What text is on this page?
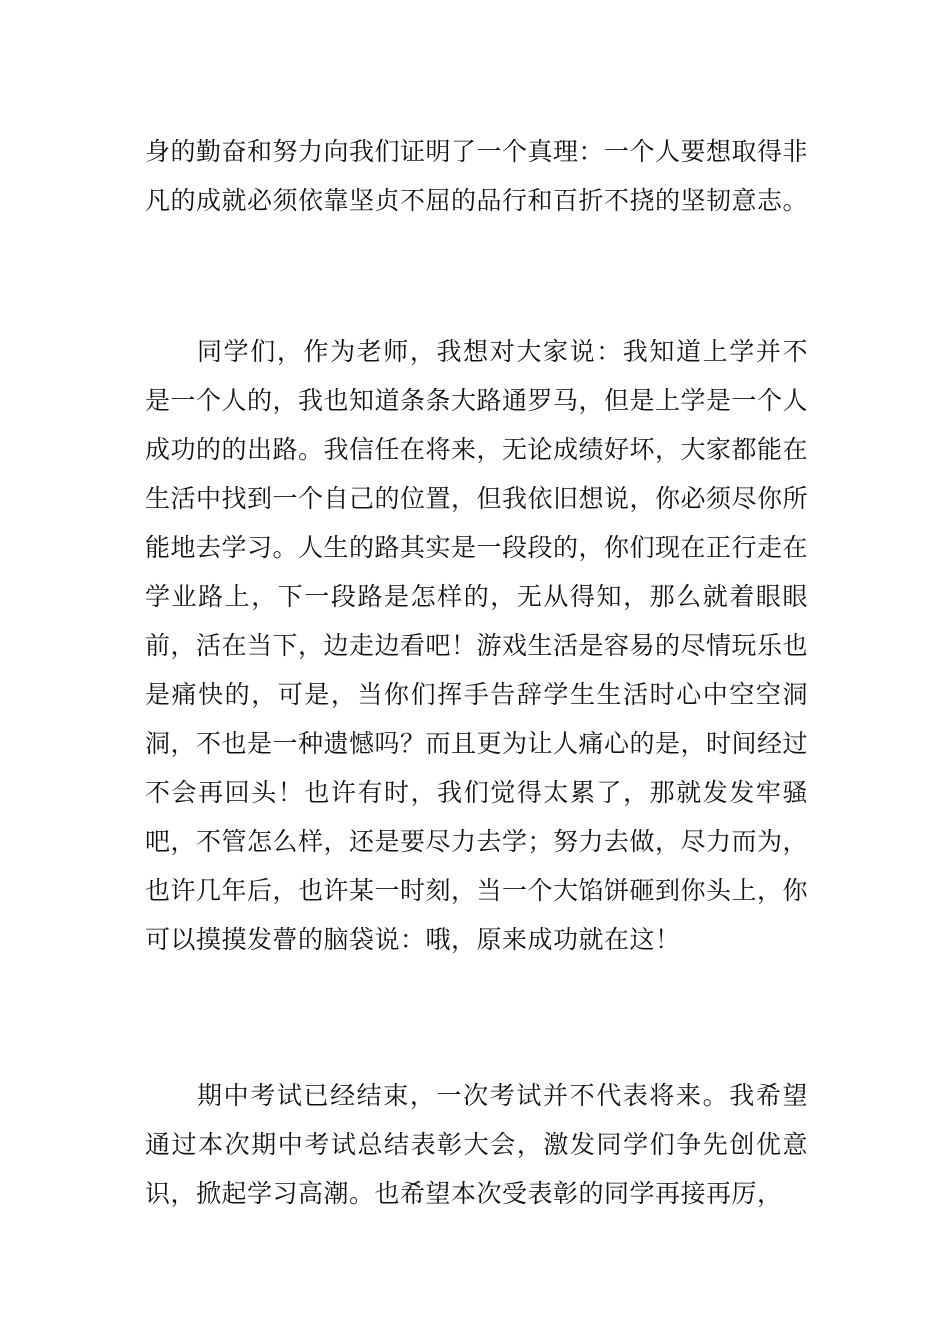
身的勤奋和努力向我们证明了一个真理：一个人要想取得非凡的成就必须依靠坚贞不屈的品行和百折不挠的坚韧意志。

同学们，作为老师，我想对大家说：我知道上学并不是一个人的，我也知道条条大路通罗马，但是上学是一个人成功的的出路。我信任在将来，无论成绩好坏，大家都能在生活中找到一个自己的位置，但我依旧想说，你必须尽你所能地去学习。人生的路其实是一段段的，你们现在正行走在学业路上，下一段路是怎样的，无从得知，那么就着眼眼前，活在当下，边走边看吧！游戏生活是容易的尽情玩乐也是痛快的，可是，当你们挥手告辞学生生活时心中空空洞洞，不也是一种遗憾吗？而且更为让人痛心的是，时间经过不会再回头！也许有时，我们觉得太累了，那就发发牢骚吧，不管怎么样，还是要尽力去学；努力去做，尽力而为，也许几年后，也许某一时刻，当一个大馅饼砸到你头上，你可以摸摸发瞢的脑袋说：哦，原来成功就在这！

期中考试已经结束，一次考试并不代表将来。我希望通过本次期中考试总结表彰大会，激发同学们争先创优意识，掀起学习高潮。也希望本次受表彰的同学再接再厉，
